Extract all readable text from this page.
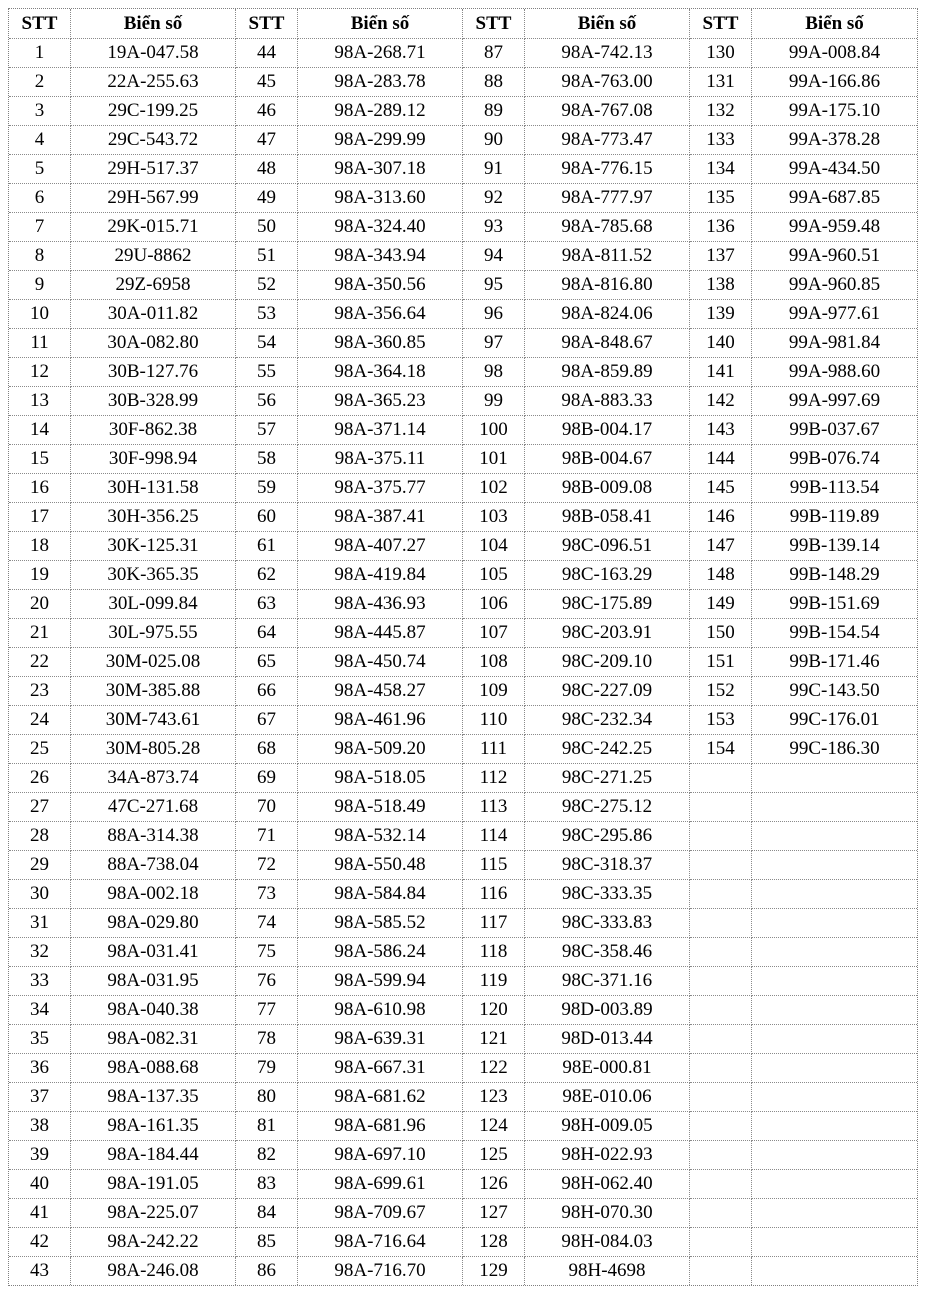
STT	Biển số	STT	Biển số	STT	Biển số	STT	Biển số
1	19A-047.58	44	98A-268.71	87	98A-742.13	130	99A-008.84
2	22A-255.63	45	98A-283.78	88	98A-763.00	131	99A-166.86
3	29C-199.25	46	98A-289.12	89	98A-767.08	132	99A-175.10
4	29C-543.72	47	98A-299.99	90	98A-773.47	133	99A-378.28
5	29H-517.37	48	98A-307.18	91	98A-776.15	134	99A-434.50
6	29H-567.99	49	98A-313.60	92	98A-777.97	135	99A-687.85
7	29K-015.71	50	98A-324.40	93	98A-785.68	136	99A-959.48
8	29U-8862	51	98A-343.94	94	98A-811.52	137	99A-960.51
9	29Z-6958	52	98A-350.56	95	98A-816.80	138	99A-960.85
10	30A-011.82	53	98A-356.64	96	98A-824.06	139	99A-977.61
11	30A-082.80	54	98A-360.85	97	98A-848.67	140	99A-981.84
12	30B-127.76	55	98A-364.18	98	98A-859.89	141	99A-988.60
13	30B-328.99	56	98A-365.23	99	98A-883.33	142	99A-997.69
14	30F-862.38	57	98A-371.14	100	98B-004.17	143	99B-037.67
15	30F-998.94	58	98A-375.11	101	98B-004.67	144	99B-076.74
16	30H-131.58	59	98A-375.77	102	98B-009.08	145	99B-113.54
17	30H-356.25	60	98A-387.41	103	98B-058.41	146	99B-119.89
18	30K-125.31	61	98A-407.27	104	98C-096.51	147	99B-139.14
19	30K-365.35	62	98A-419.84	105	98C-163.29	148	99B-148.29
20	30L-099.84	63	98A-436.93	106	98C-175.89	149	99B-151.69
21	30L-975.55	64	98A-445.87	107	98C-203.91	150	99B-154.54
22	30M-025.08	65	98A-450.74	108	98C-209.10	151	99B-171.46
23	30M-385.88	66	98A-458.27	109	98C-227.09	152	99C-143.50
24	30M-743.61	67	98A-461.96	110	98C-232.34	153	99C-176.01
25	30M-805.28	68	98A-509.20	111	98C-242.25	154	99C-186.30
26	34A-873.74	69	98A-518.05	112	98C-271.25		
27	47C-271.68	70	98A-518.49	113	98C-275.12		
28	88A-314.38	71	98A-532.14	114	98C-295.86		
29	88A-738.04	72	98A-550.48	115	98C-318.37		
30	98A-002.18	73	98A-584.84	116	98C-333.35		
31	98A-029.80	74	98A-585.52	117	98C-333.83		
32	98A-031.41	75	98A-586.24	118	98C-358.46		
33	98A-031.95	76	98A-599.94	119	98C-371.16		
34	98A-040.38	77	98A-610.98	120	98D-003.89		
35	98A-082.31	78	98A-639.31	121	98D-013.44		
36	98A-088.68	79	98A-667.31	122	98E-000.81		
37	98A-137.35	80	98A-681.62	123	98E-010.06		
38	98A-161.35	81	98A-681.96	124	98H-009.05		
39	98A-184.44	82	98A-697.10	125	98H-022.93		
40	98A-191.05	83	98A-699.61	126	98H-062.40		
41	98A-225.07	84	98A-709.67	127	98H-070.30		
42	98A-242.22	85	98A-716.64	128	98H-084.03		
43	98A-246.08	86	98A-716.70	129	98H-4698		
